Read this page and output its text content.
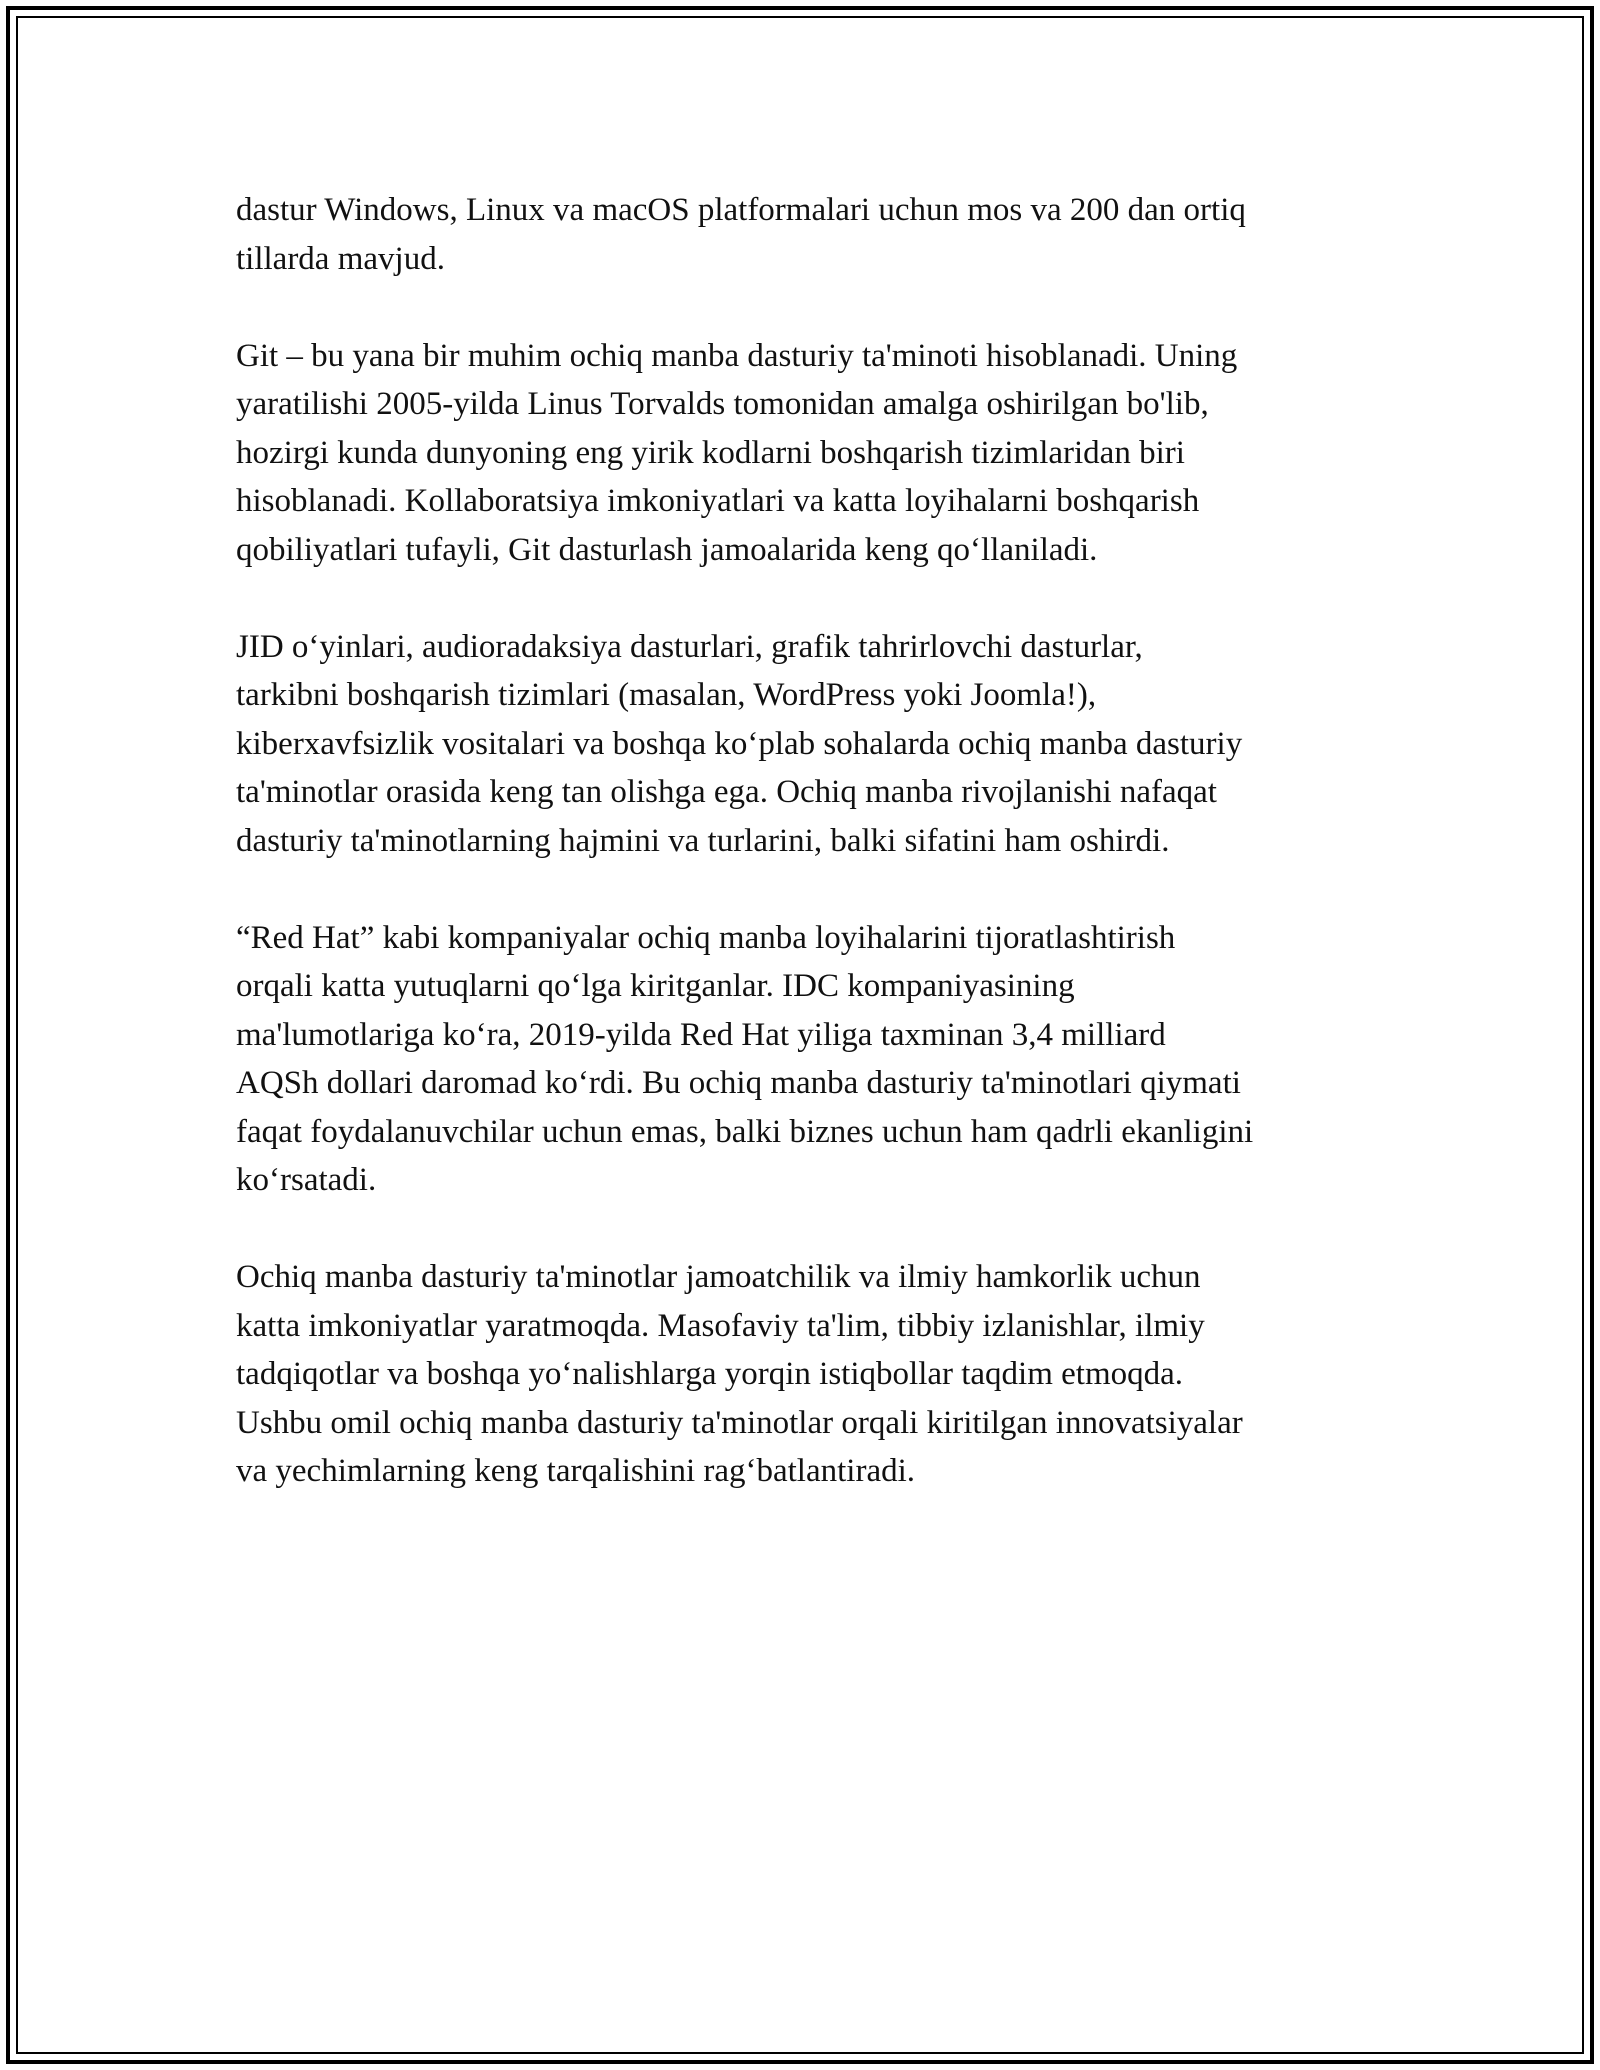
dastur Windows, Linux va macOS platformalari uchun mos va 200 dan ortiq
tillarda mavjud.

Git – bu yana bir muhim ochiq manba dasturiy ta'minoti hisoblanadi. Uning
yaratilishi 2005-yilda Linus Torvalds tomonidan amalga oshirilgan bo'lib,
hozirgi kunda dunyoning eng yirik kodlarni boshqarish tizimlaridan biri
hisoblanadi. Kollaboratsiya imkoniyatlari va katta loyihalarni boshqarish
qobiliyatlari tufayli, Git dasturlash jamoalarida keng qo‘llaniladi.

JID o‘yinlari, audioradaksiya dasturlari, grafik tahrirlovchi dasturlar,
tarkibni boshqarish tizimlari (masalan, WordPress yoki Joomla!),
kiberxavfsizlik vositalari va boshqa ko‘plab sohalarda ochiq manba dasturiy
ta'minotlar orasida keng tan olishga ega. Ochiq manba rivojlanishi nafaqat
dasturiy ta'minotlarning hajmini va turlarini, balki sifatini ham oshirdi.

“Red Hat” kabi kompaniyalar ochiq manba loyihalarini tijoratlashtirish
orqali katta yutuqlarni qo‘lga kiritganlar. IDC kompaniyasining
ma'lumotlariga ko‘ra, 2019-yilda Red Hat yiliga taxminan 3,4 milliard
AQSh dollari daromad ko‘rdi. Bu ochiq manba dasturiy ta'minotlari qiymati
faqat foydalanuvchilar uchun emas, balki biznes uchun ham qadrli ekanligini
ko‘rsatadi.

Ochiq manba dasturiy ta'minotlar jamoatchilik va ilmiy hamkorlik uchun
katta imkoniyatlar yaratmoqda. Masofaviy ta'lim, tibbiy izlanishlar, ilmiy
tadqiqotlar va boshqa yo‘nalishlarga yorqin istiqbollar taqdim etmoqda.
Ushbu omil ochiq manba dasturiy ta'minotlar orqali kiritilgan innovatsiyalar
va yechimlarning keng tarqalishini rag‘batlantiradi.
